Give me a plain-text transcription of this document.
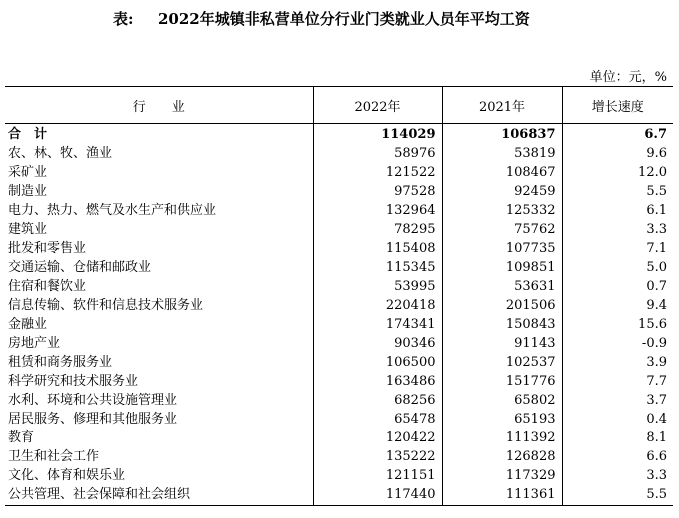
表: 2022年城镇非私营单位分行业门类就业人员年平均工资
单位：元，%
行　　业	2022年	2021年	增长速度
合　计	114029	106837	6.7
农、林、牧、渔业	58976	53819	9.6
采矿业	121522	108467	12.0
制造业	97528	92459	5.5
电力、热力、燃气及水生产和供应业	132964	125332	6.1
建筑业	78295	75762	3.3
批发和零售业	115408	107735	7.1
交通运输、仓储和邮政业	115345	109851	5.0
住宿和餐饮业	53995	53631	0.7
信息传输、软件和信息技术服务业	220418	201506	9.4
金融业	174341	150843	15.6
房地产业	90346	91143	-0.9
租赁和商务服务业	106500	102537	3.9
科学研究和技术服务业	163486	151776	7.7
水利、环境和公共设施管理业	68256	65802	3.7
居民服务、修理和其他服务业	65478	65193	0.4
教育	120422	111392	8.1
卫生和社会工作	135222	126828	6.6
文化、体育和娱乐业	121151	117329	3.3
公共管理、社会保障和社会组织	117440	111361	5.5
